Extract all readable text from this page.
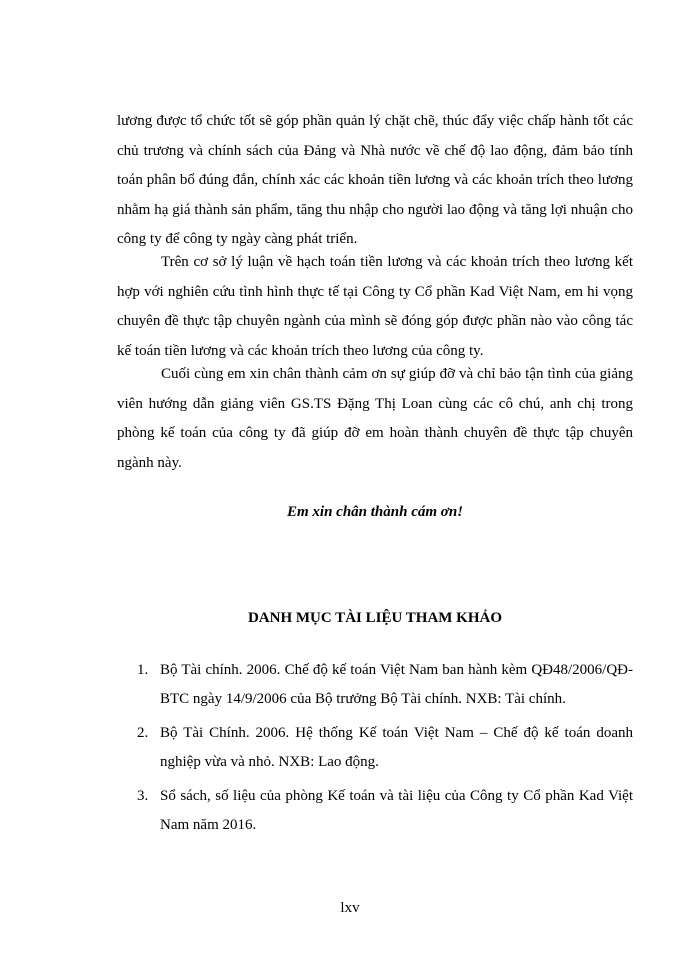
lương được tổ chức tốt sẽ góp phần quản lý chặt chẽ, thúc đẩy việc chấp hành tốt các chủ trương và chính sách của Đảng và Nhà nước về chế độ lao động, đảm bảo tính toán phân bổ đúng đắn, chính xác các khoản tiền lương và các khoản trích theo lương nhằm hạ giá thành sản phẩm, tăng thu nhập cho người lao động và tăng lợi nhuận cho công ty để công ty ngày càng phát triển.

Trên cơ sở lý luận về hạch toán tiền lương và các khoản trích theo lương kết hợp với nghiên cứu tình hình thực tế tại Công ty Cổ phần Kad Việt Nam, em hi vọng chuyên đề thực tập chuyên ngành của mình sẽ đóng góp được phần nào vào công tác kế toán tiền lương và các khoản trích theo lương của công ty.

Cuối cùng em xin chân thành cảm ơn sự giúp đỡ và chỉ bảo tận tình của giảng viên hướng dẫn giảng viên GS.TS Đặng Thị Loan cùng các cô chú, anh chị trong phòng kế toán của công ty đã giúp đỡ em hoàn thành chuyên đề thực tập chuyên ngành này.

Em xin chân thành cám ơn!

DANH MỤC TÀI LIỆU THAM KHẢO
1. Bộ Tài chính. 2006. Chế độ kế toán Việt Nam ban hành kèm QĐ48/2006/QĐ-BTC ngày 14/9/2006 của Bộ trưởng Bộ Tài chính. NXB: Tài chính.
2. Bộ Tài Chính. 2006. Hệ thống Kế toán Việt Nam – Chế độ kế toán doanh nghiệp vừa và nhỏ. NXB: Lao động.
3. Sổ sách, số liệu của phòng Kế toán và tài liệu của Công ty Cổ phần Kad Việt Nam năm 2016.

lxv
